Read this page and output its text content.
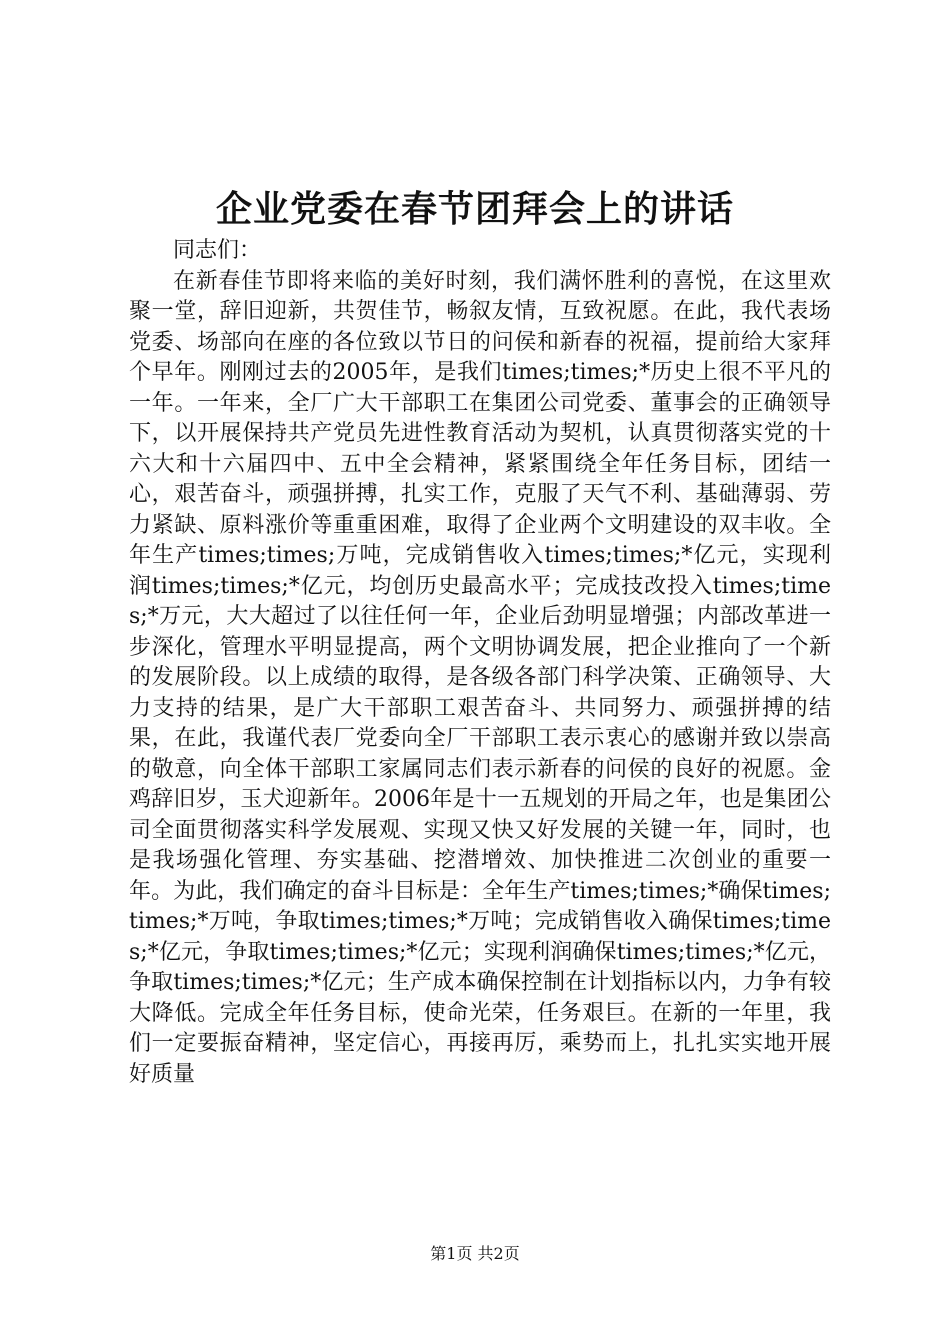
企业党委在春节团拜会上的讲话

同志们：

在新春佳节即将来临的美好时刻，我们满怀胜利的喜悦，在这里欢聚一堂，辞旧迎新，共贺佳节，畅叙友情，互致祝愿。在此，我代表场党委、场部向在座的各位致以节日的问侯和新春的祝福，提前给大家拜个早年。刚刚过去的2005年，是我们times;times;*历史上很不平凡的一年。一年来，全厂广大干部职工在集团公司党委、董事会的正确领导下，以开展保持共产党员先进性教育活动为契机，认真贯彻落实党的十六大和十六届四中、五中全会精神，紧紧围绕全年任务目标，团结一心，艰苦奋斗，顽强拼搏，扎实工作，克服了天气不利、基础薄弱、劳力紧缺、原料涨价等重重困难，取得了企业两个文明建设的双丰收。全年生产times;times;万吨，完成销售收入times;times;*亿元，实现利润times;times;*亿元，均创历史最高水平；完成技改投入times;times;*万元，大大超过了以往任何一年，企业后劲明显增强；内部改革进一步深化，管理水平明显提高，两个文明协调发展，把企业推向了一个新的发展阶段。以上成绩的取得，是各级各部门科学决策、正确领导、大力支持的结果，是广大干部职工艰苦奋斗、共同努力、顽强拼搏的结果，在此，我谨代表厂党委向全厂干部职工表示衷心的感谢并致以崇高的敬意，向全体干部职工家属同志们表示新春的问侯的良好的祝愿。金鸡辞旧岁，玉犬迎新年。2006年是十一五规划的开局之年，也是集团公司全面贯彻落实科学发展观、实现又快又好发展的关键一年，同时，也是我场强化管理、夯实基础、挖潜增效、加快推进二次创业的重要一年。为此，我们确定的奋斗目标是：全年生产times;times;*确保times;times;*万吨，争取times;times;*万吨；完成销售收入确保times;times;*亿元，争取times;times;*亿元；实现利润确保times;times;*亿元，争取times;times;*亿元；生产成本确保控制在计划指标以内，力争有较大降低。完成全年任务目标，使命光荣，任务艰巨。在新的一年里，我们一定要振奋精神，坚定信心，再接再厉，乘势而上，扎扎实实地开展好质量

第1页 共2页
